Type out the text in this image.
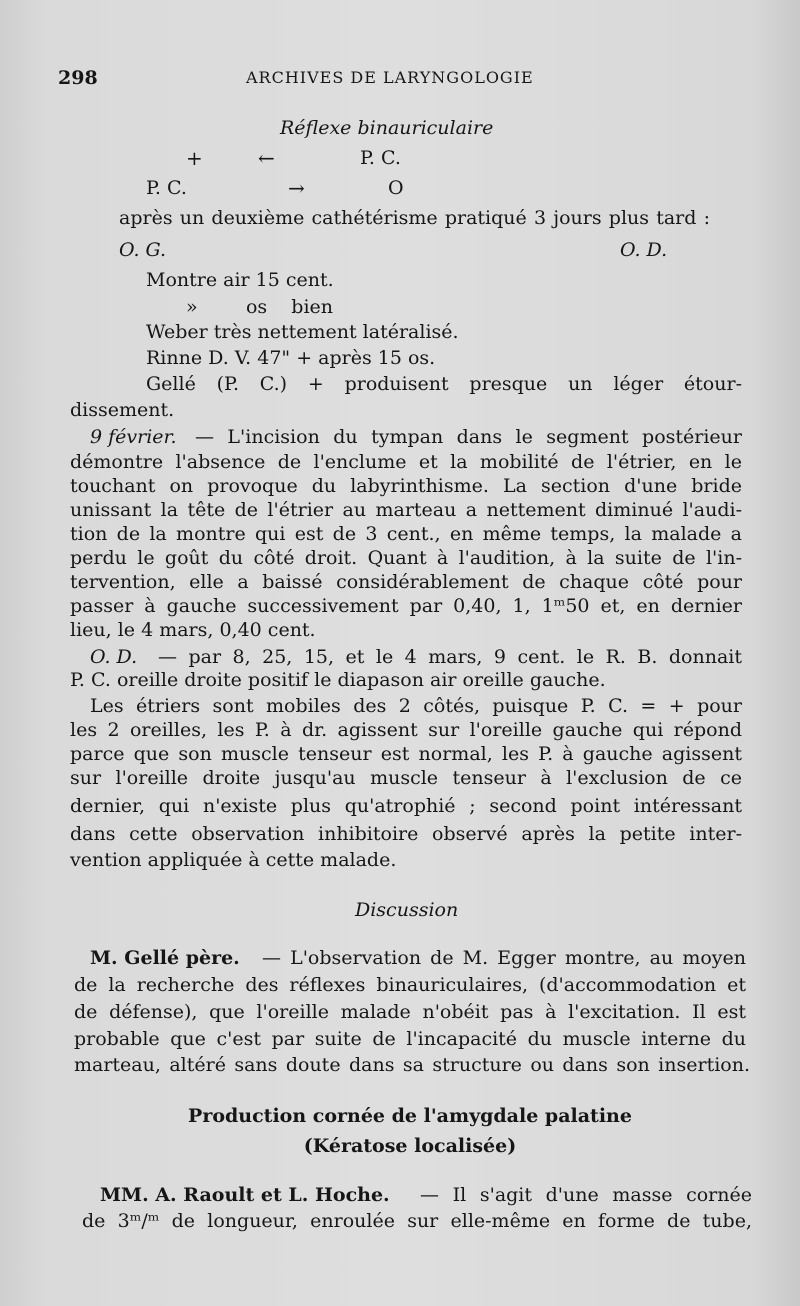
298	ARCHIVES DE LARYNGOLOGIE
Réflexe binauriculaire
+	←	P. C.
P. C.	→	O
après un deuxième cathétérisme pratiqué 3 jours plus tard :
O. G.	O. D.
Montre air 15 cent.
»        os    bien
Weber très nettement latéralisé.
Rinne D. V. 47" + après 15 os.
Gellé (P. C.) + produisent presque un léger étour-
dissement.
9 février. — L'incision du tympan dans le segment postérieur
démontre l'absence de l'enclume et la mobilité de l'étrier, en le
touchant on provoque du labyrinthisme. La section d'une bride
unissant la tête de l'étrier au marteau a nettement diminué l'audi-
tion de la montre qui est de 3 cent., en même temps, la malade a
perdu le goût du côté droit. Quant à l'audition, à la suite de l'in-
tervention, elle a baissé considérablement de chaque côté pour
passer à gauche successivement par 0,40, 1, 1ᵐ50 et, en dernier
lieu, le 4 mars, 0,40 cent.
O. D. — par 8, 25, 15, et le 4 mars, 9 cent. le R. B. donnait
P. C. oreille droite positif le diapason air oreille gauche.
Les étriers sont mobiles des 2 côtés, puisque P. C. = + pour
les 2 oreilles, les P. à dr. agissent sur l'oreille gauche qui répond
parce que son muscle tenseur est normal, les P. à gauche agissent
sur l'oreille droite jusqu'au muscle tenseur à l'exclusion de ce
dernier, qui n'existe plus qu'atrophié ; second point intéressant
dans cette observation inhibitoire observé après la petite inter-
vention appliquée à cette malade.
Discussion
M. Gellé père. — L'observation de M. Egger montre, au moyen
de la recherche des réflexes binauriculaires, (d'accommodation et
de défense), que l'oreille malade n'obéit pas à l'excitation. Il est
probable que c'est par suite de l'incapacité du muscle interne du
marteau, altéré sans doute dans sa structure ou dans son insertion.
Production cornée de l'amygdale palatine
(Kératose localisée)
MM. A. Raoult et L. Hoche. — Il s'agit d'une masse cornée
de 3ᵐ/ᵐ de longueur, enroulée sur elle-même en forme de tube,
